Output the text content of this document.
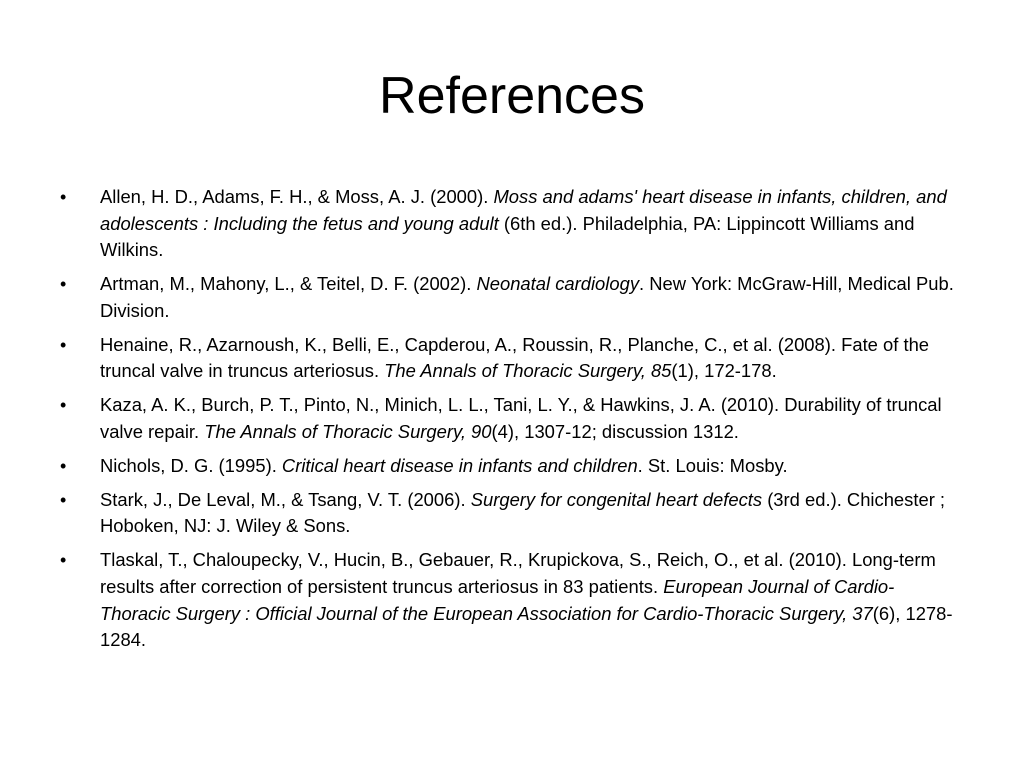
References
•	Allen, H. D., Adams, F. H., & Moss, A. J. (2000). Moss and adams' heart disease in infants, children, and adolescents : Including the fetus and young adult (6th ed.). Philadelphia, PA: Lippincott Williams and Wilkins.
•	Artman, M., Mahony, L., & Teitel, D. F. (2002). Neonatal cardiology. New York: McGraw-Hill, Medical Pub. Division.
•	Henaine, R., Azarnoush, K., Belli, E., Capderou, A., Roussin, R., Planche, C., et al. (2008). Fate of the truncal valve in truncus arteriosus. The Annals of Thoracic Surgery, 85(1), 172-178.
•	Kaza, A. K., Burch, P. T., Pinto, N., Minich, L. L., Tani, L. Y., & Hawkins, J. A. (2010). Durability of truncal valve repair. The Annals of Thoracic Surgery, 90(4), 1307-12; discussion 1312.
•	Nichols, D. G. (1995). Critical heart disease in infants and children. St. Louis: Mosby.
•	Stark, J., De Leval, M., & Tsang, V. T. (2006). Surgery for congenital heart defects (3rd ed.). Chichester ; Hoboken, NJ: J. Wiley & Sons.
•	Tlaskal, T., Chaloupecky, V., Hucin, B., Gebauer, R., Krupickova, S., Reich, O., et al. (2010). Long-term results after correction of persistent truncus arteriosus in 83 patients. European Journal of Cardio-Thoracic Surgery : Official Journal of the European Association for Cardio-Thoracic Surgery, 37(6), 1278-1284.
